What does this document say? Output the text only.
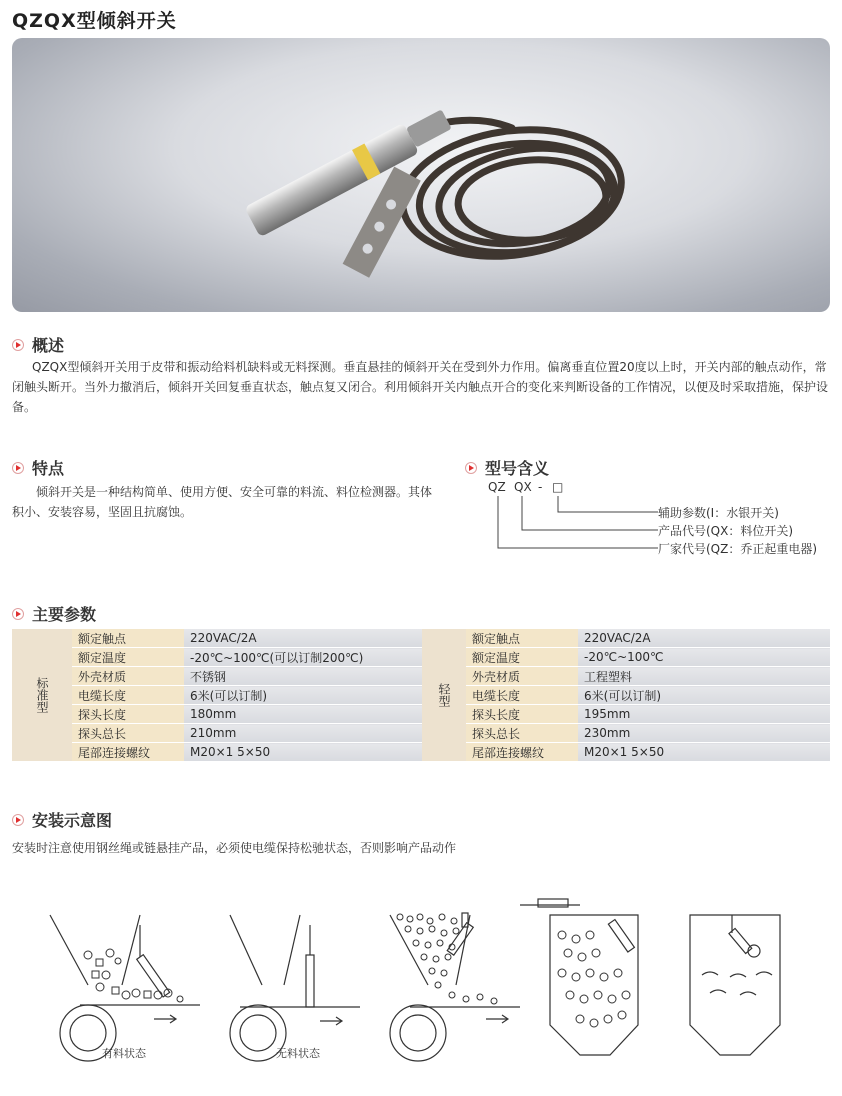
QZQX型倾斜开关
概述
QZQX型倾斜开关用于皮带和振动给料机缺料或无料探测。垂直悬挂的倾斜开关在受到外力作用。偏离垂直位置20度以上时，开关内部的触点动作，常闭触头断开。当外力撤消后，倾斜开关回复垂直状态，触点复又闭合。利用倾斜开关内触点开合的变化来判断设备的工作情况，以便及时采取措施，保护设备。
特点
倾斜开关是一种结构简单、使用方便、安全可靠的料流、料位检测器。其体积小、安装容易，坚固且抗腐蚀。
型号含义
QZ QX - □
辅助参数(I：水银开关)
产品代号(QX：料位开关)
厂家代号(QZ：乔正起重电器)
主要参数
标准型	额定触点	220VAC/2A
	额定温度	-20℃~100℃(可以订制200℃)
	外壳材质	不锈钢
	电缆长度	6米(可以订制)
	探头长度	180mm
	探头总长	210mm
	尾部连接螺纹	M20×1 5×50
轻型	额定触点	220VAC/2A
	额定温度	-20℃~100℃
	外壳材质	工程塑料
	电缆长度	6米(可以订制)
	探头长度	195mm
	探头总长	230mm
	尾部连接螺纹	M20×1 5×50
安装示意图
安装时注意使用钢丝绳或链悬挂产品，必须使电缆保持松驰状态，否则影响产品动作
有料状态	无料状态
